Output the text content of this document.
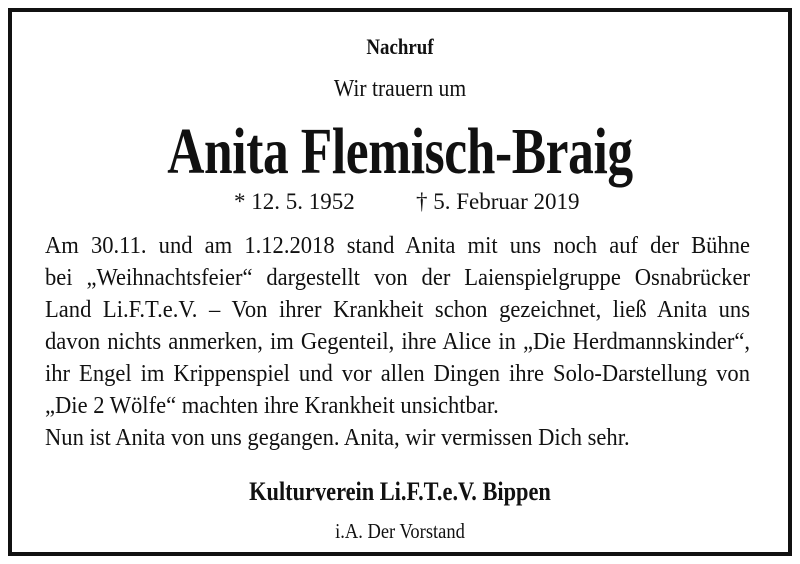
Nachruf
Wir trauern um
Anita Flemisch-Braig
* 12. 5. 1952	† 5. Februar 2019
Am 30.11. und am 1.12.2018 stand Anita mit uns noch auf der Bühne
bei „Weihnachtsfeier“ dargestellt von der Laienspielgruppe Osnabrücker
Land Li.F.T.e.V. – Von ihrer Krankheit schon gezeichnet, ließ Anita uns
davon nichts anmerken, im Gegenteil, ihre Alice in „Die Herdmannskinder“,
ihr Engel im Krippenspiel und vor allen Dingen ihre Solo-Darstellung von
„Die 2 Wölfe“ machten ihre Krankheit unsichtbar.
Nun ist Anita von uns gegangen. Anita, wir vermissen Dich sehr.
Kulturverein Li.F.T.e.V. Bippen
i.A. Der Vorstand
